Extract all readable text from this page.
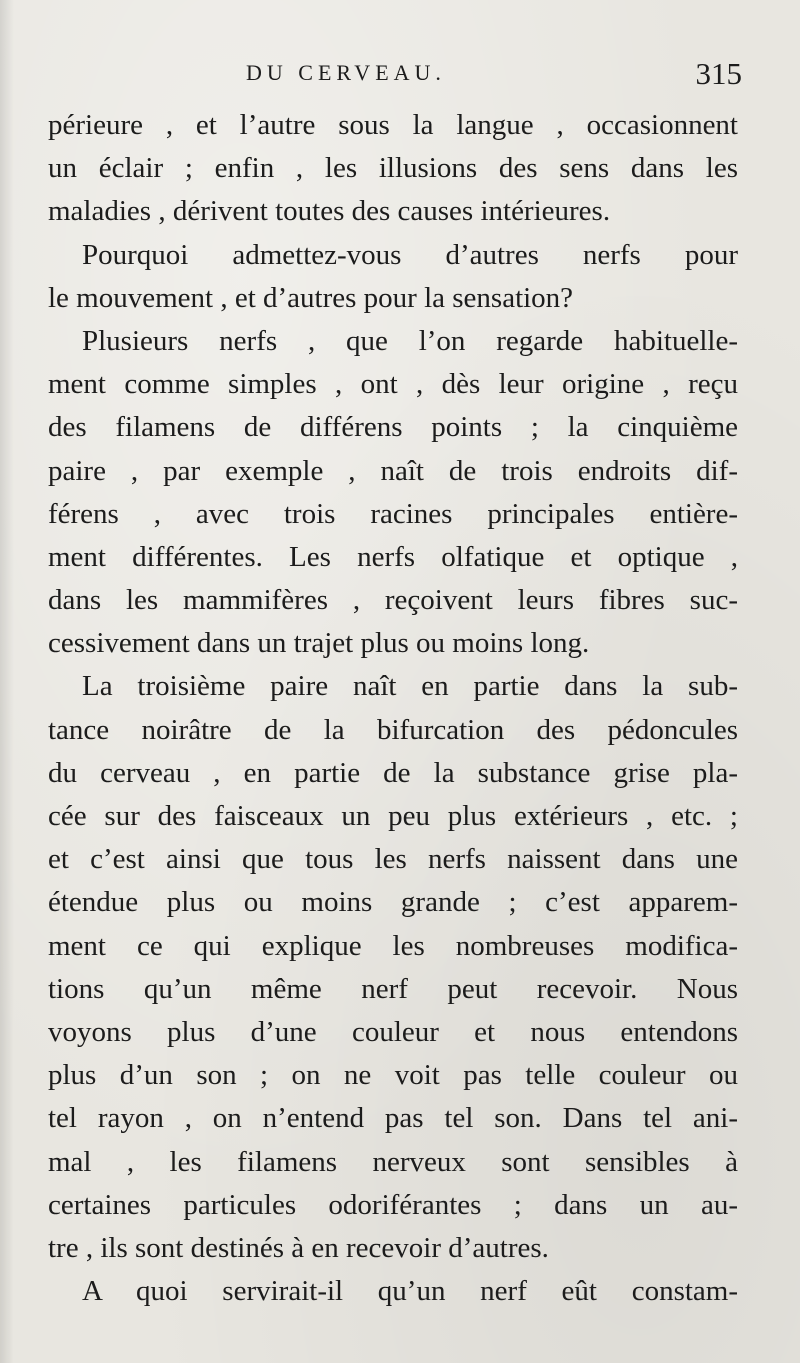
DU CERVEAU.	315
périeure , et l’autre sous la langue , occasionnent
un éclair ; enfin , les illusions des sens dans les
maladies , dérivent toutes des causes intérieures.
Pourquoi admettez-vous d’autres nerfs pour
le mouvement , et d’autres pour la sensation?
Plusieurs nerfs , que l’on regarde habituelle-
ment comme simples , ont , dès leur origine , reçu
des filamens de différens points ; la cinquième
paire , par exemple , naît de trois endroits dif-
férens , avec trois racines principales entière-
ment différentes. Les nerfs olfatique et optique ,
dans les mammifères , reçoivent leurs fibres suc-
cessivement dans un trajet plus ou moins long.
La troisième paire naît en partie dans la sub-
tance noirâtre de la bifurcation des pédoncules
du cerveau , en partie de la substance grise pla-
cée sur des faisceaux un peu plus extérieurs , etc. ;
et c’est ainsi que tous les nerfs naissent dans une
étendue plus ou moins grande ; c’est apparem-
ment ce qui explique les nombreuses modifica-
tions qu’un même nerf peut recevoir. Nous
voyons plus d’une couleur et nous entendons
plus d’un son ; on ne voit pas telle couleur ou
tel rayon , on n’entend pas tel son. Dans tel ani-
mal , les filamens nerveux sont sensibles à
certaines particules odoriférantes ; dans un au-
tre , ils sont destinés à en recevoir d’autres.
A quoi servirait-il qu’un nerf eût constam-
